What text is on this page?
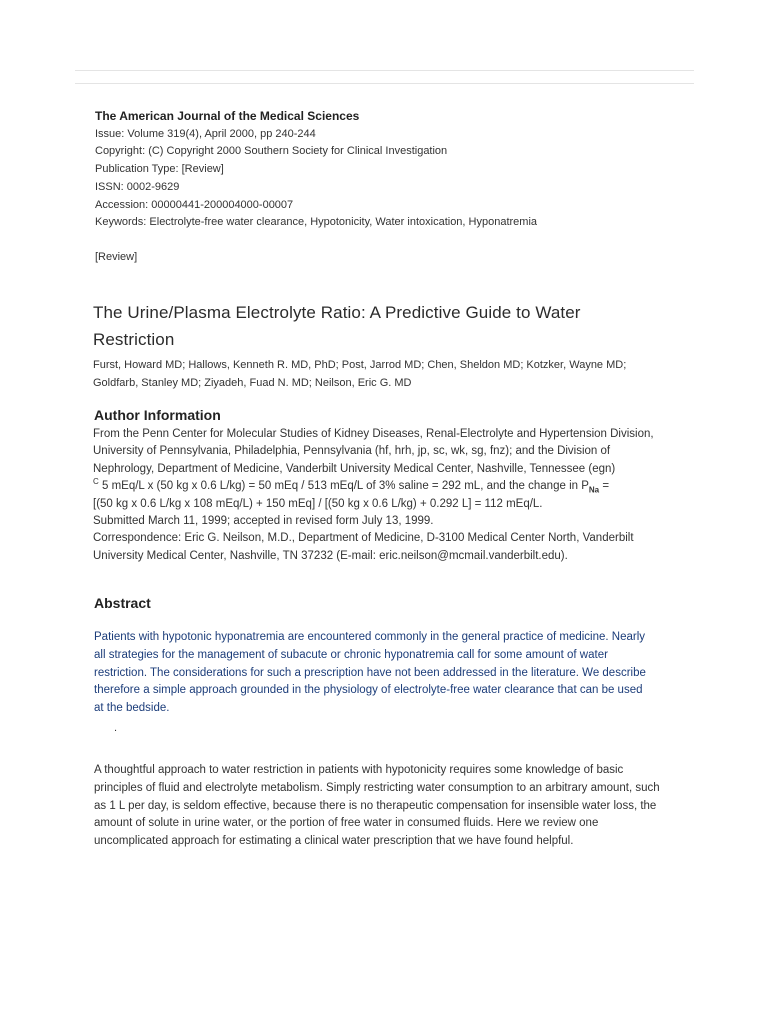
The American Journal of the Medical Sciences
Issue: Volume 319(4), April 2000, pp 240-244
Copyright: (C) Copyright 2000 Southern Society for Clinical Investigation
Publication Type: [Review]
ISSN: 0002-9629
Accession: 00000441-200004000-00007
Keywords: Electrolyte-free water clearance, Hypotonicity, Water intoxication, Hyponatremia
[Review]
The Urine/Plasma Electrolyte Ratio: A Predictive Guide to Water Restriction
Furst, Howard MD; Hallows, Kenneth R. MD, PhD; Post, Jarrod MD; Chen, Sheldon MD; Kotzker, Wayne MD; Goldfarb, Stanley MD; Ziyadeh, Fuad N. MD; Neilson, Eric G. MD
Author Information

From the Penn Center for Molecular Studies of Kidney Diseases, Renal-Electrolyte and Hypertension Division, University of Pennsylvania, Philadelphia, Pennsylvania (hf, hrh, jp, sc, wk, sg, fnz); and the Division of Nephrology, Department of Medicine, Vanderbilt University Medical Center, Nashville, Tennessee (egn)

$^C$ 5 mEq/L x (50 kg x 0.6 L/kg) = 50 mEq / 513 mEq/L of 3% saline = 292 mL, and the change in $P_{Na}$ =

[(50 kg x 0.6 L/kg x 108 mEq/L) + 150 mEq] / [(50 kg x 0.6 L/kg) + 0.292 L] = 112 mEq/L.

Submitted March 11, 1999; accepted in revised form July 13, 1999.

Correspondence: Eric G. Neilson, M.D., Department of Medicine, D-3100 Medical Center North, Vanderbilt University Medical Center, Nashville, TN 37232 (E-mail: eric.neilson@mcmail.vanderbilt.edu).

Abstract

Patients with hypotonic hyponatremia are encountered commonly in the general practice of medicine. Nearly all strategies for the management of subacute or chronic hyponatremia call for some amount of water restriction. The considerations for such a prescription have not been addressed in the literature. We describe therefore a simple approach grounded in the physiology of electrolyte-free water clearance that can be used at the bedside.

.

A thoughtful approach to water restriction in patients with hypotonicity requires some knowledge of basic principles of fluid and electrolyte metabolism. Simply restricting water consumption to an arbitrary amount, such as 1 L per day, is seldom effective, because there is no therapeutic compensation for insensible water loss, the amount of solute in urine water, or the portion of free water in consumed fluids. Here we review one uncomplicated approach for estimating a clinical water prescription that we have found helpful.
